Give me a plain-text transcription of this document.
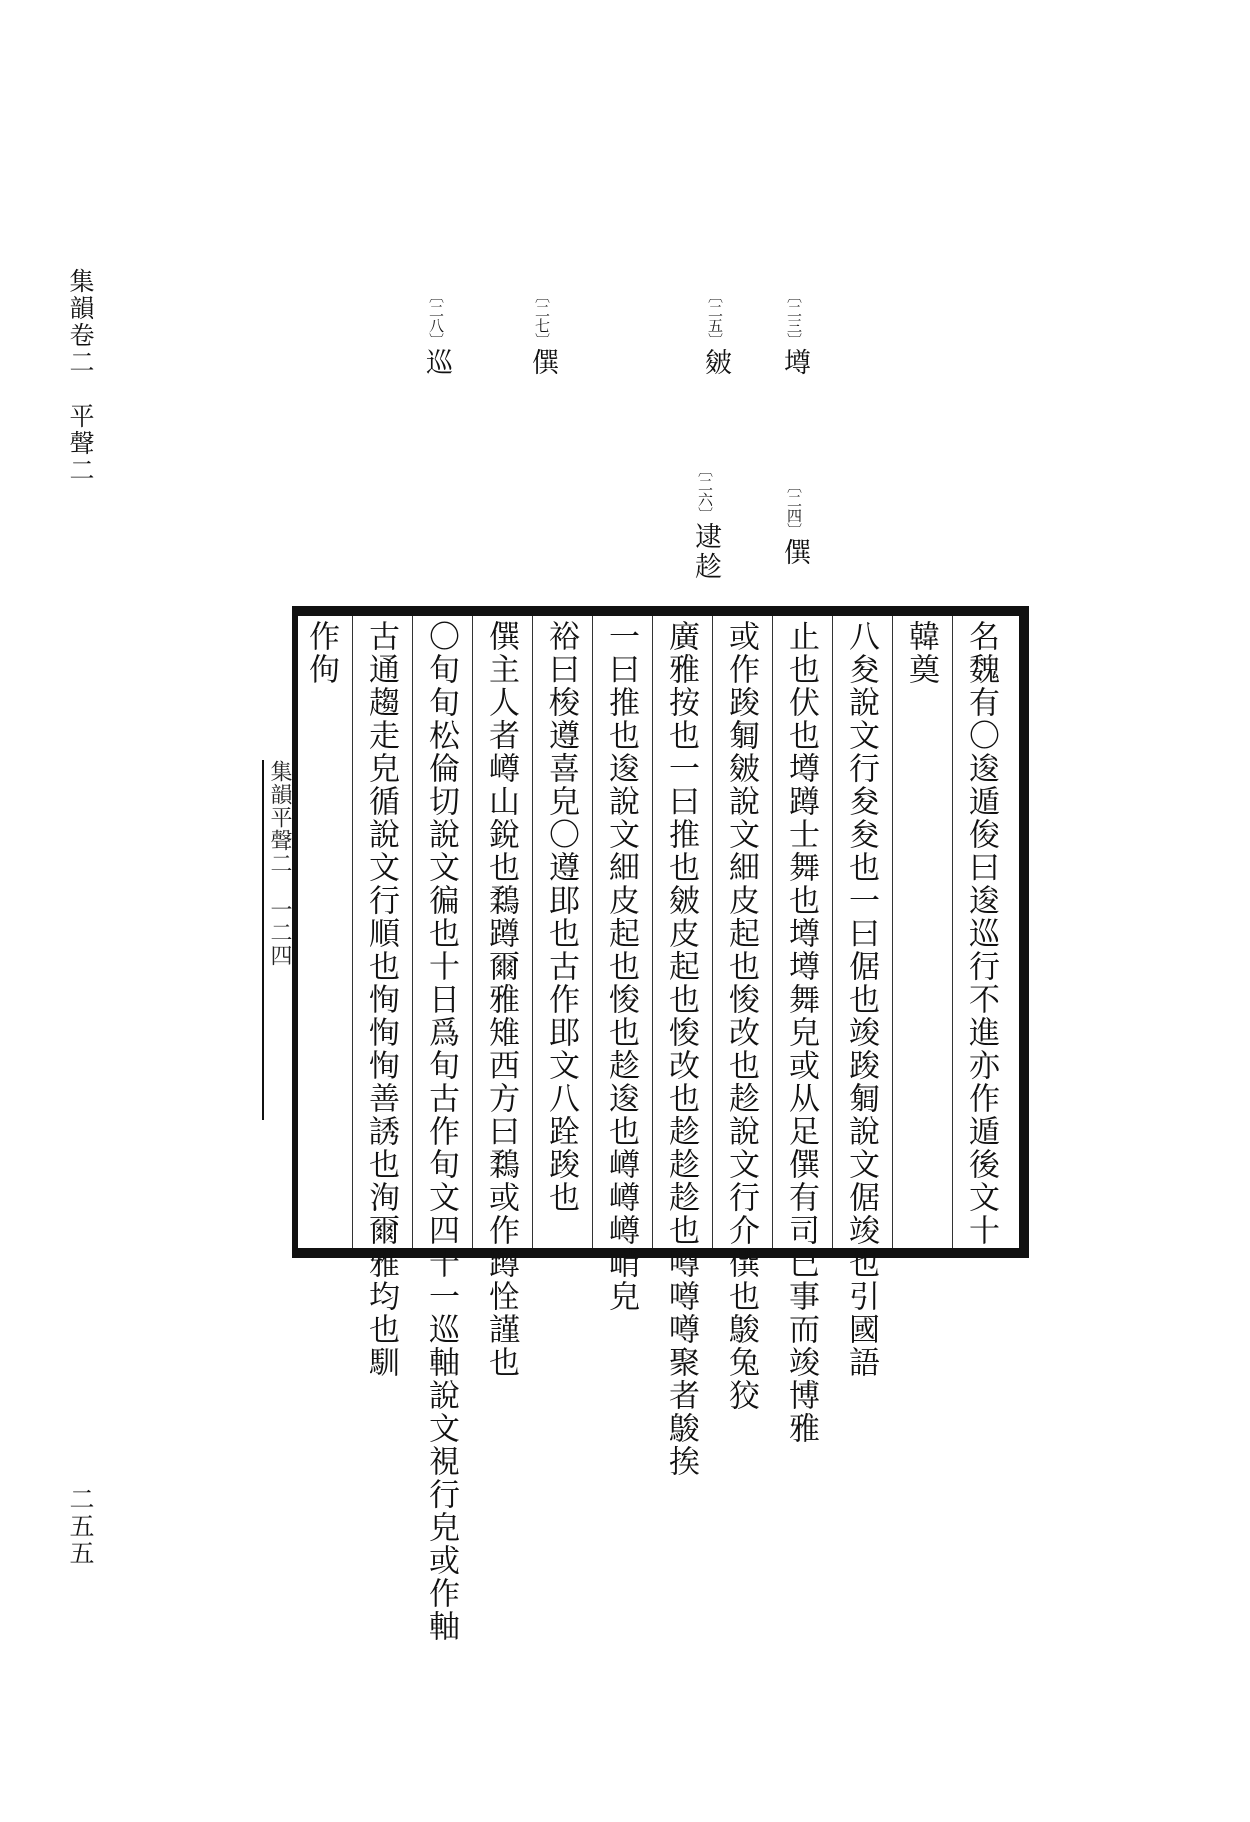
集韻卷二　平聲二
二五五
〔二三〕墫
〔二四〕僎
〔二五〕皴
〔二六〕逮趁
〔二七〕僎
〔二八〕巡
集韻平聲二　一二四	名魏有〇逡遁俊曰逡巡行不進亦作遁後文十
韓奠
八夋說文行夋夋也一曰倨也竣踆匔說文倨竣也引國語
止也伏也墫蹲士舞也墫墫舞皃或从足僎有司已事而竣博雅
或作踆匔皴說文細皮起也悛改也趁說文行介僎也鵔兔狡
廣雅按也一曰推也皴皮起也悛改也趁趁趁也噂噂噂聚者鵔挨
一曰推也逡說文細皮起也悛也趁逡也嶟嶟嶟峭皃
裕曰梭遵喜皃〇遵䢸也古作䢸文八跧踆也
僎主人者嶟山銳也鶔蹲爾雅雉西方曰鶔或作蹲恮謹也
〇旬旬松倫切說文徧也十日爲旬古作旬文四十一巡軸說文視行皃或作軸
古通趨走皃循說文行順也恂恂恂善誘也洵爾雅均也馴
作佝
